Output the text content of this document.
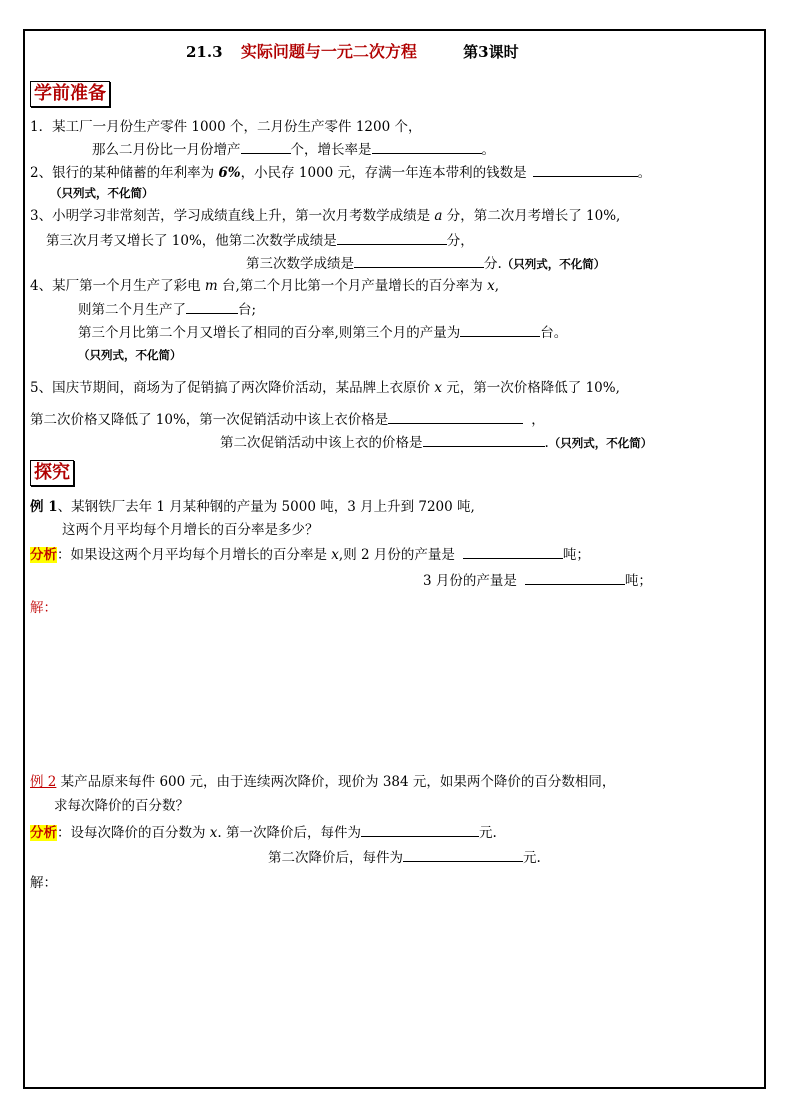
21.3 实际问题与一元二次方程	第3课时
学前准备
1．某工厂一月份生产零件 1000 个，二月份生产零件 1200 个，
那么二月份比一月份增产	个，增长率是	。
2、银行的某种储蓄的年利率为 6%，小民存 1000 元，存满一年连本带利的钱数是	。
（只列式，不化简）
3、小明学习非常刻苦，学习成绩直线上升，第一次月考数学成绩是 a 分，第二次月考增长了 10%,
第三次月考又增长了 10%，他第二次数学成绩是	分，
第三次数学成绩是	分.（只列式，不化简）
4、某厂第一个月生产了彩电 m 台,第二个月比第一个月产量增长的百分率为 x,
则第二个月生产了	台;
第三个月比第二个月又增长了相同的百分率,则第三个月的产量为	台。
（只列式，不化简）
5、国庆节期间，商场为了促销搞了两次降价活动，某品牌上衣原价 x 元，第一次价格降低了 10%,
第二次价格又降低了 10%，第一次促销活动中该上衣价格是	，
第二次促销活动中该上衣的价格是	.（只列式，不化简）
探究
例 1、某钢铁厂去年 1 月某种钢的产量为 5000 吨，3 月上升到 7200 吨,
这两个月平均每个月增长的百分率是多少？
分析：如果设这两个月平均每个月增长的百分率是 x,则 2 月份的产量是	吨；
3 月份的产量是	吨；
解：
例 2 某产品原来每件 600 元，由于连续两次降价，现价为 384 元，如果两个降价的百分数相同，
求每次降价的百分数？
分析：设每次降价的百分数为 x. 第一次降价后，每件为	元.
第二次降价后，每件为	元.
解：
